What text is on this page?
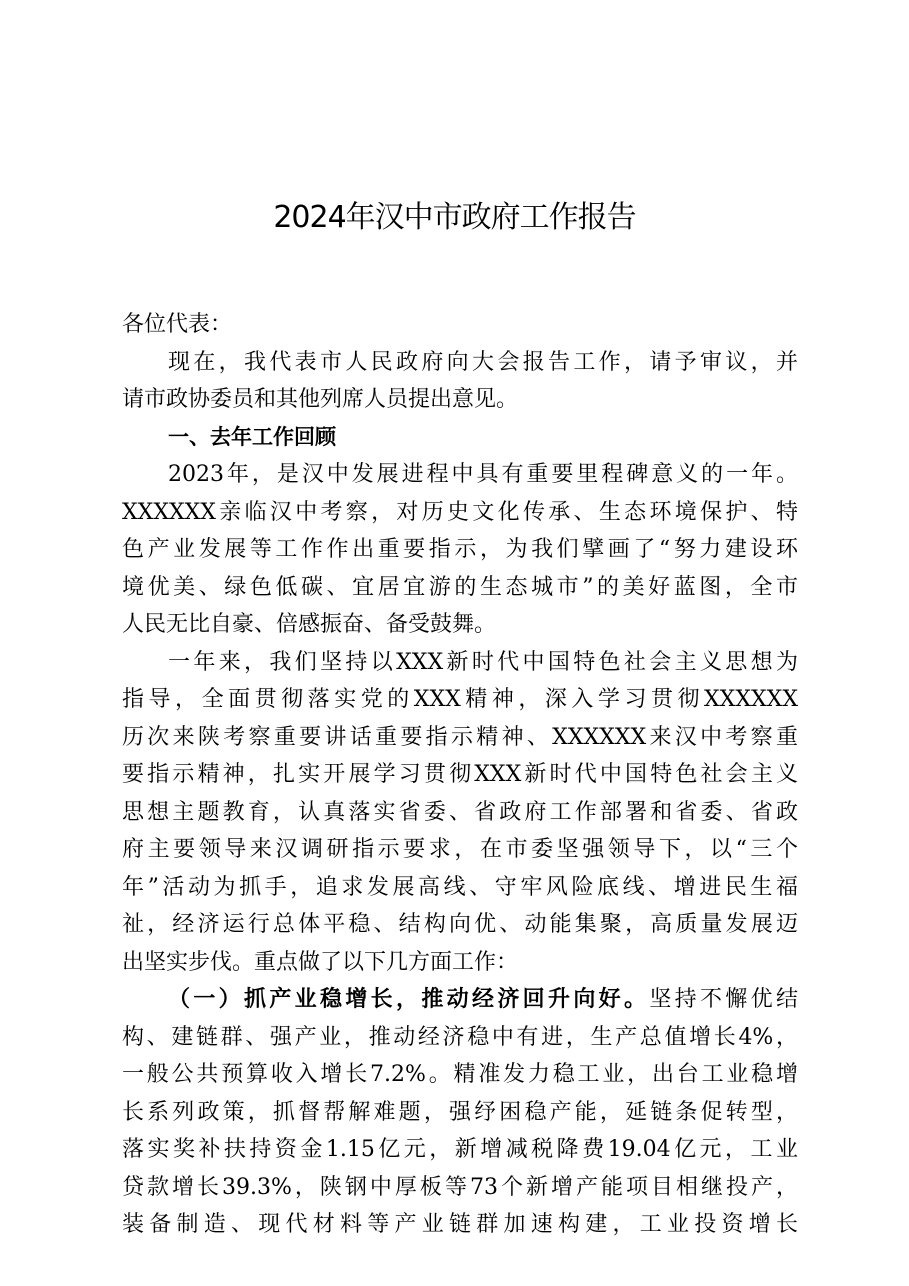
2024年汉中市政府工作报告
各位代表：
现在，我代表市人民政府向大会报告工作，请予审议，并
请市政协委员和其他列席人员提出意见。
一、去年工作回顾
2023年，是汉中发展进程中具有重要里程碑意义的一年。
XXXXXX亲临汉中考察，对历史文化传承、生态环境保护、特
色产业发展等工作作出重要指示，为我们擘画了“努力建设环
境优美、绿色低碳、宜居宜游的生态城市”的美好蓝图，全市
人民无比自豪、倍感振奋、备受鼓舞。
一年来，我们坚持以XXX新时代中国特色社会主义思想为
指导，全面贯彻落实党的XXX精神，深入学习贯彻XXXXXX
历次来陕考察重要讲话重要指示精神、XXXXXX来汉中考察重
要指示精神，扎实开展学习贯彻XXX新时代中国特色社会主义
思想主题教育，认真落实省委、省政府工作部署和省委、省政
府主要领导来汉调研指示要求，在市委坚强领导下，以“三个
年”活动为抓手，追求发展高线、守牢风险底线、增进民生福
祉，经济运行总体平稳、结构向优、动能集聚，高质量发展迈
出坚实步伐。重点做了以下几方面工作：
（一）抓产业稳增长，推动经济回升向好。坚持不懈优结
构、建链群、强产业，推动经济稳中有进，生产总值增长4%，
一般公共预算收入增长7.2%。精准发力稳工业，出台工业稳增
长系列政策，抓督帮解难题，强纾困稳产能，延链条促转型，
落实奖补扶持资金1.15亿元，新增减税降费19.04亿元，工业
贷款增长39.3%，陕钢中厚板等73个新增产能项目相继投产，
装备制造、现代材料等产业链群加速构建，工业投资增长
